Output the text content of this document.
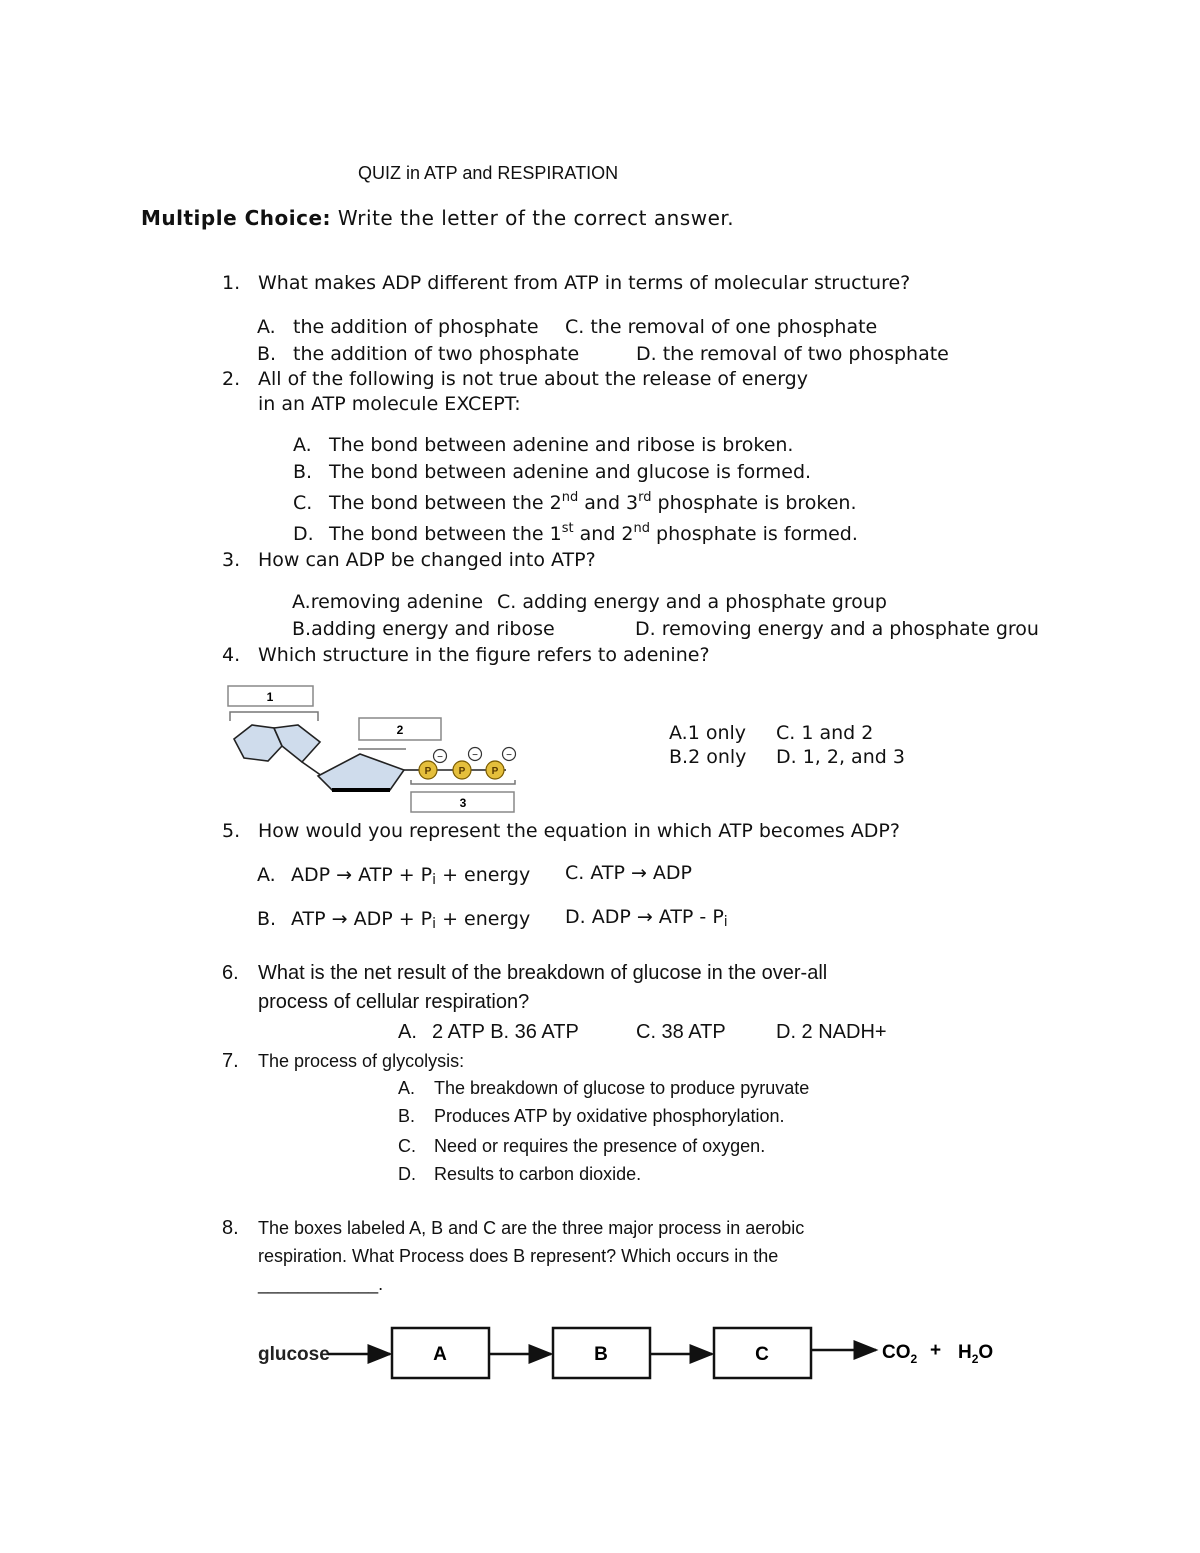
QUIZ in ATP and RESPIRATION
Multiple Choice: Write the letter of the correct answer.
1. What makes ADP different from ATP in terms of molecular structure?
A. the addition of phosphate C. the removal of one phosphate
B. the addition of two phosphate	D. the removal of two phosphate
2. All of the following is not true about the release of energy
in an ATP molecule EXCEPT:
A. The bond between adenine and ribose is broken.
B. The bond between adenine and glucose is formed.
C. The bond between the 2nd and 3rd phosphate is broken.
D. The bond between the 1st and 2nd phosphate is formed.
3. How can ADP be changed into ATP?
A.removing adenine C. adding energy and a phosphate group
B.adding energy and ribose	D. removing energy and a phosphate grou
4. Which structure in the figure refers to adenine?
1
2
P	P	P
−	−	−
3
A.1 only C. 1 and 2
B.2 only D. 1, 2, and 3
5. How would you represent the equation in which ATP becomes ADP?
A. ADP → ATP + Pi + energy C. ATP → ADP
B. ATP → ADP + Pi + energy D. ADP → ATP - Pi
6. What is the net result of the breakdown of glucose in the over-all
process of cellular respiration?
A. 2 ATP B. 36 ATP	C. 38 ATP	D. 2 NADH+
7. The process of glycolysis:
A. The breakdown of glucose to produce pyruvate
B. Produces ATP by oxidative phosphorylation.
C. Need or requires the presence of oxygen.
D. Results to carbon dioxide.
8. The boxes labeled A, B and C are the three major process in aerobic
respiration. What Process does B represent? Which occurs in the
____________.
glucose	A	B	C	$CO_2 + H_2O$
